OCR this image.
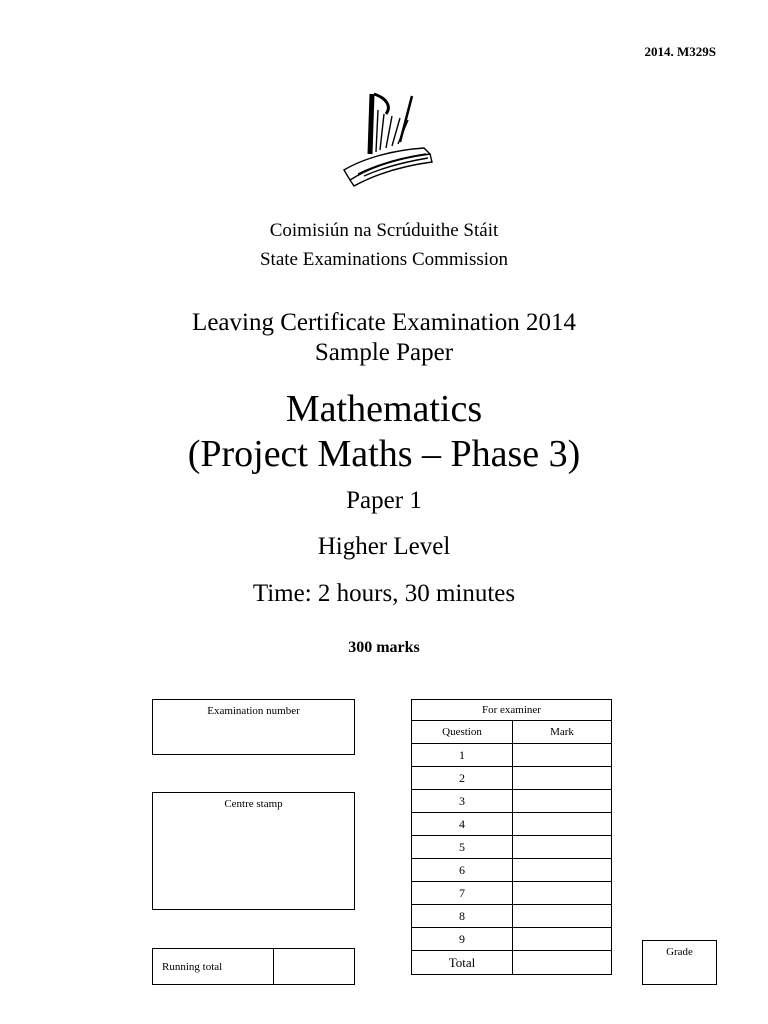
2014. M329S
Coimisiún na Scrúduithe Stáit
State Examinations Commission
Leaving Certificate Examination 2014
Sample Paper
Mathematics
(Project Maths – Phase 3)
Paper 1
Higher Level
Time: 2 hours, 30 minutes
300 marks
Examination number
Centre stamp
Running total
Grade
For examiner	
Question	Mark
1	
2	
3	
4	
5	
6	
7	
8	
9	
Total	
